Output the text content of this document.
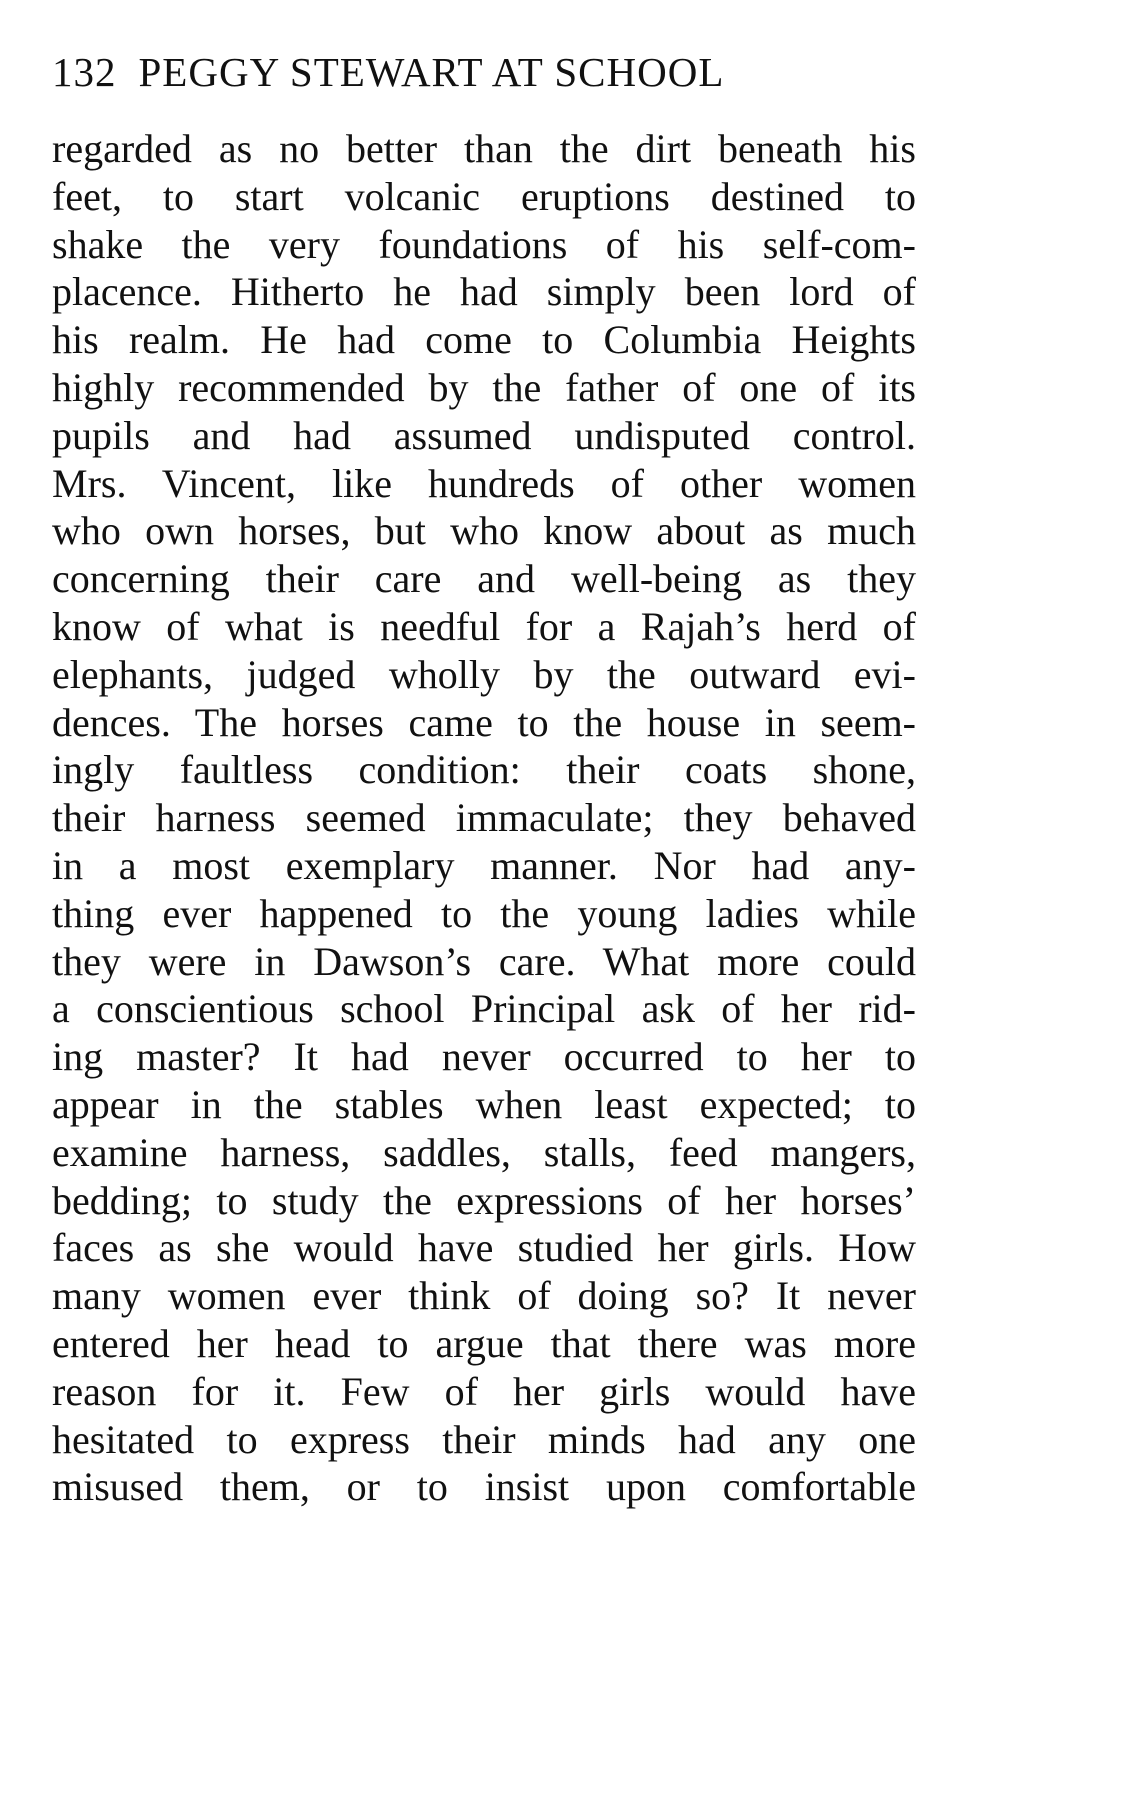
132 PEGGY STEWART AT SCHOOL
regarded as no better than the dirt beneath his
feet, to start volcanic eruptions destined to
shake the very foundations of his self-com-
placence. Hitherto he had simply been lord of
his realm. He had come to Columbia Heights
highly recommended by the father of one of its
pupils and had assumed undisputed control.
Mrs. Vincent, like hundreds of other women
who own horses, but who know about as much
concerning their care and well-being as they
know of what is needful for a Rajah’s herd of
elephants, judged wholly by the outward evi-
dences. The horses came to the house in seem-
ingly faultless condition: their coats shone,
their harness seemed immaculate; they behaved
in a most exemplary manner. Nor had any-
thing ever happened to the young ladies while
they were in Dawson’s care. What more could
a conscientious school Principal ask of her rid-
ing master? It had never occurred to her to
appear in the stables when least expected; to
examine harness, saddles, stalls, feed mangers,
bedding; to study the expressions of her horses’
faces as she would have studied her girls. How
many women ever think of doing so? It never
entered her head to argue that there was more
reason for it. Few of her girls would have
hesitated to express their minds had any one
misused them, or to insist upon comfortable
